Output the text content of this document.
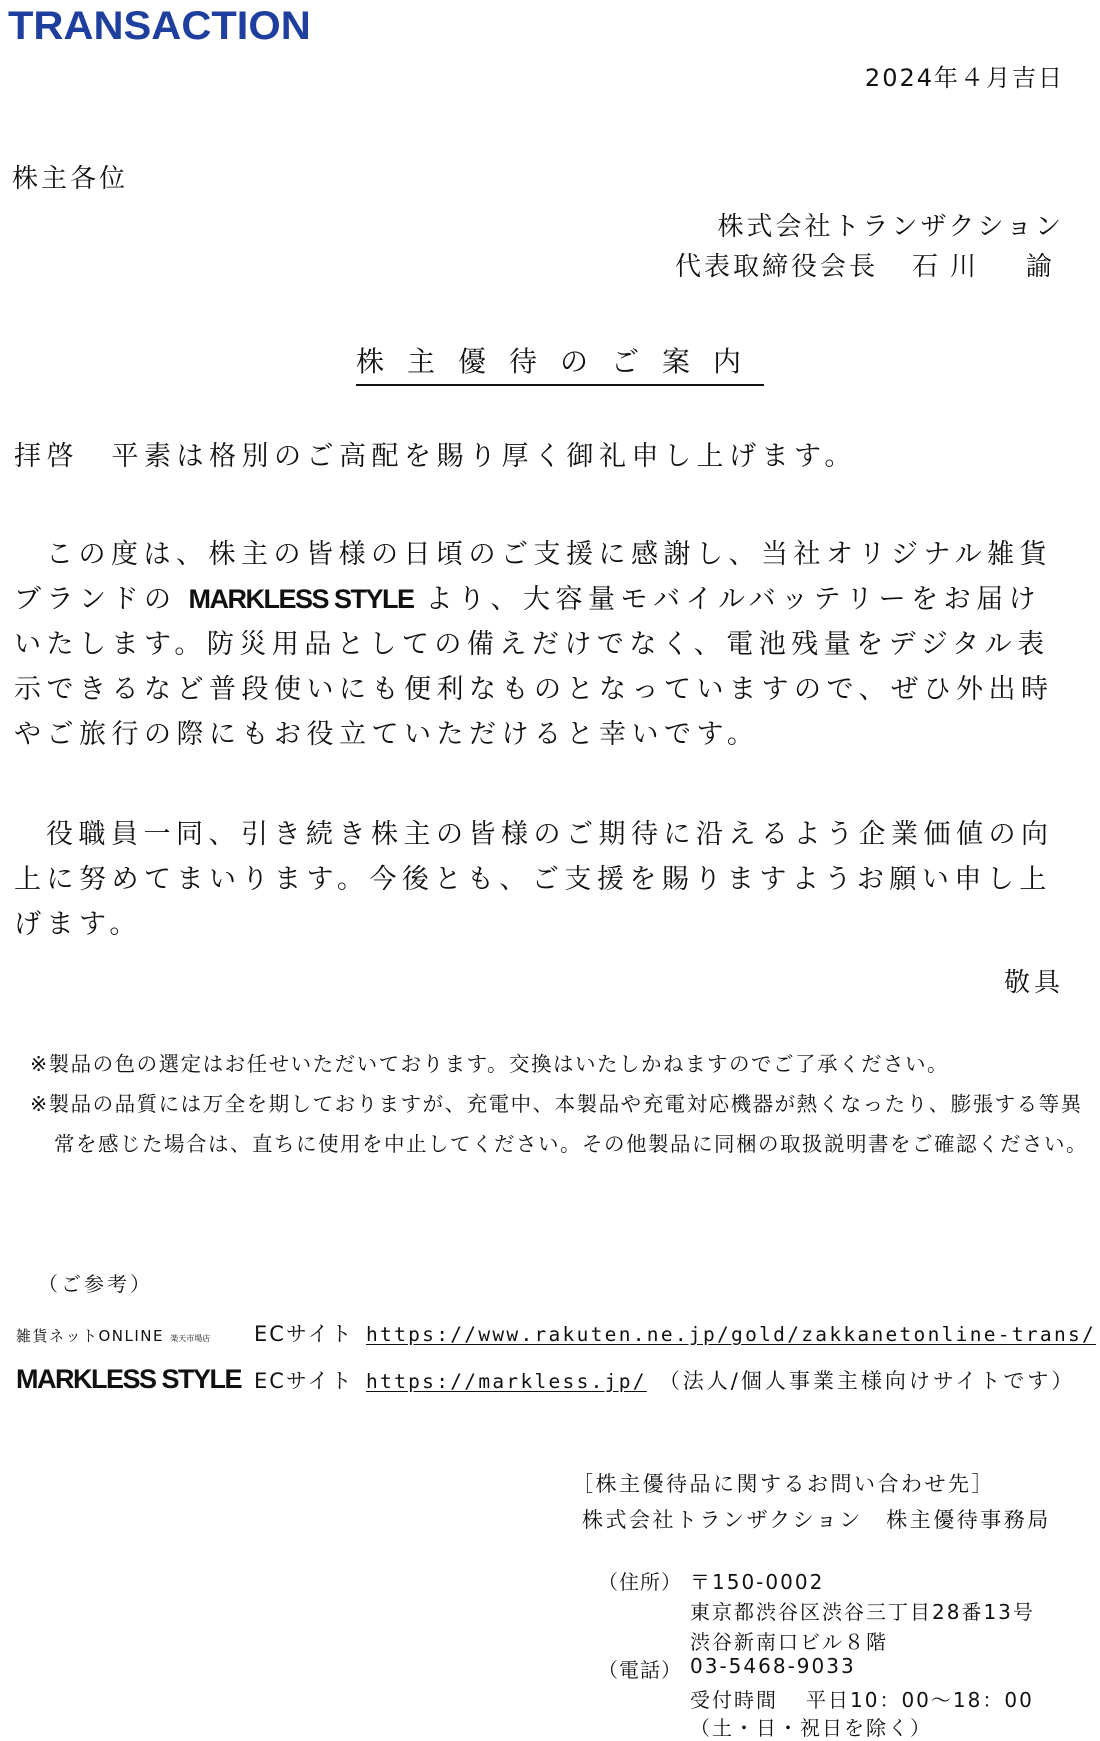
TRANSACTION
2024年４月吉日
株主各位
株式会社トランザクション
代表取締役会長 石川　諭
株主優待のご案内
拝啓　平素は格別のご高配を賜り厚く御礼申し上げます。
この度は、株主の皆様の日頃のご支援に感謝し、当社オリジナル雑貨ブランドの MARKLESS STYLE より、大容量モバイルバッテリーをお届けいたします。防災用品としての備えだけでなく、電池残量をデジタル表示できるなど普段使いにも便利なものとなっていますので、ぜひ外出時やご旅行の際にもお役立ていただけると幸いです。
役職員一同、引き続き株主の皆様のご期待に沿えるよう企業価値の向上に努めてまいります。今後とも、ご支援を賜りますようお願い申し上げます。
敬具

※製品の色の選定はお任せいただいております。交換はいたしかねますのでご了承ください。

※製品の品質には万全を期しておりますが、充電中、本製品や充電対応機器が熱くなったり、膨張する等異常を感じた場合は、直ちに使用を中止してください。その他製品に同梱の取扱説明書をご確認ください。

（ご参考）
雑貨ネットONLINE 楽天市場店	ECサイト https://www.rakuten.ne.jp/gold/zakkanetonline-trans/
MARKLESS STYLE ECサイト https://markless.jp/ （法人/個人事業主様向けサイトです）
［株主優待品に関するお問い合わせ先］
株式会社トランザクション　株主優待事務局
（住所） 〒150-0002
東京都渋谷区渋谷三丁目28番13号
渋谷新南口ビル８階
（電話） 03-5468-9033
受付時間 平日10：00～18：00
（土・日・祝日を除く）
